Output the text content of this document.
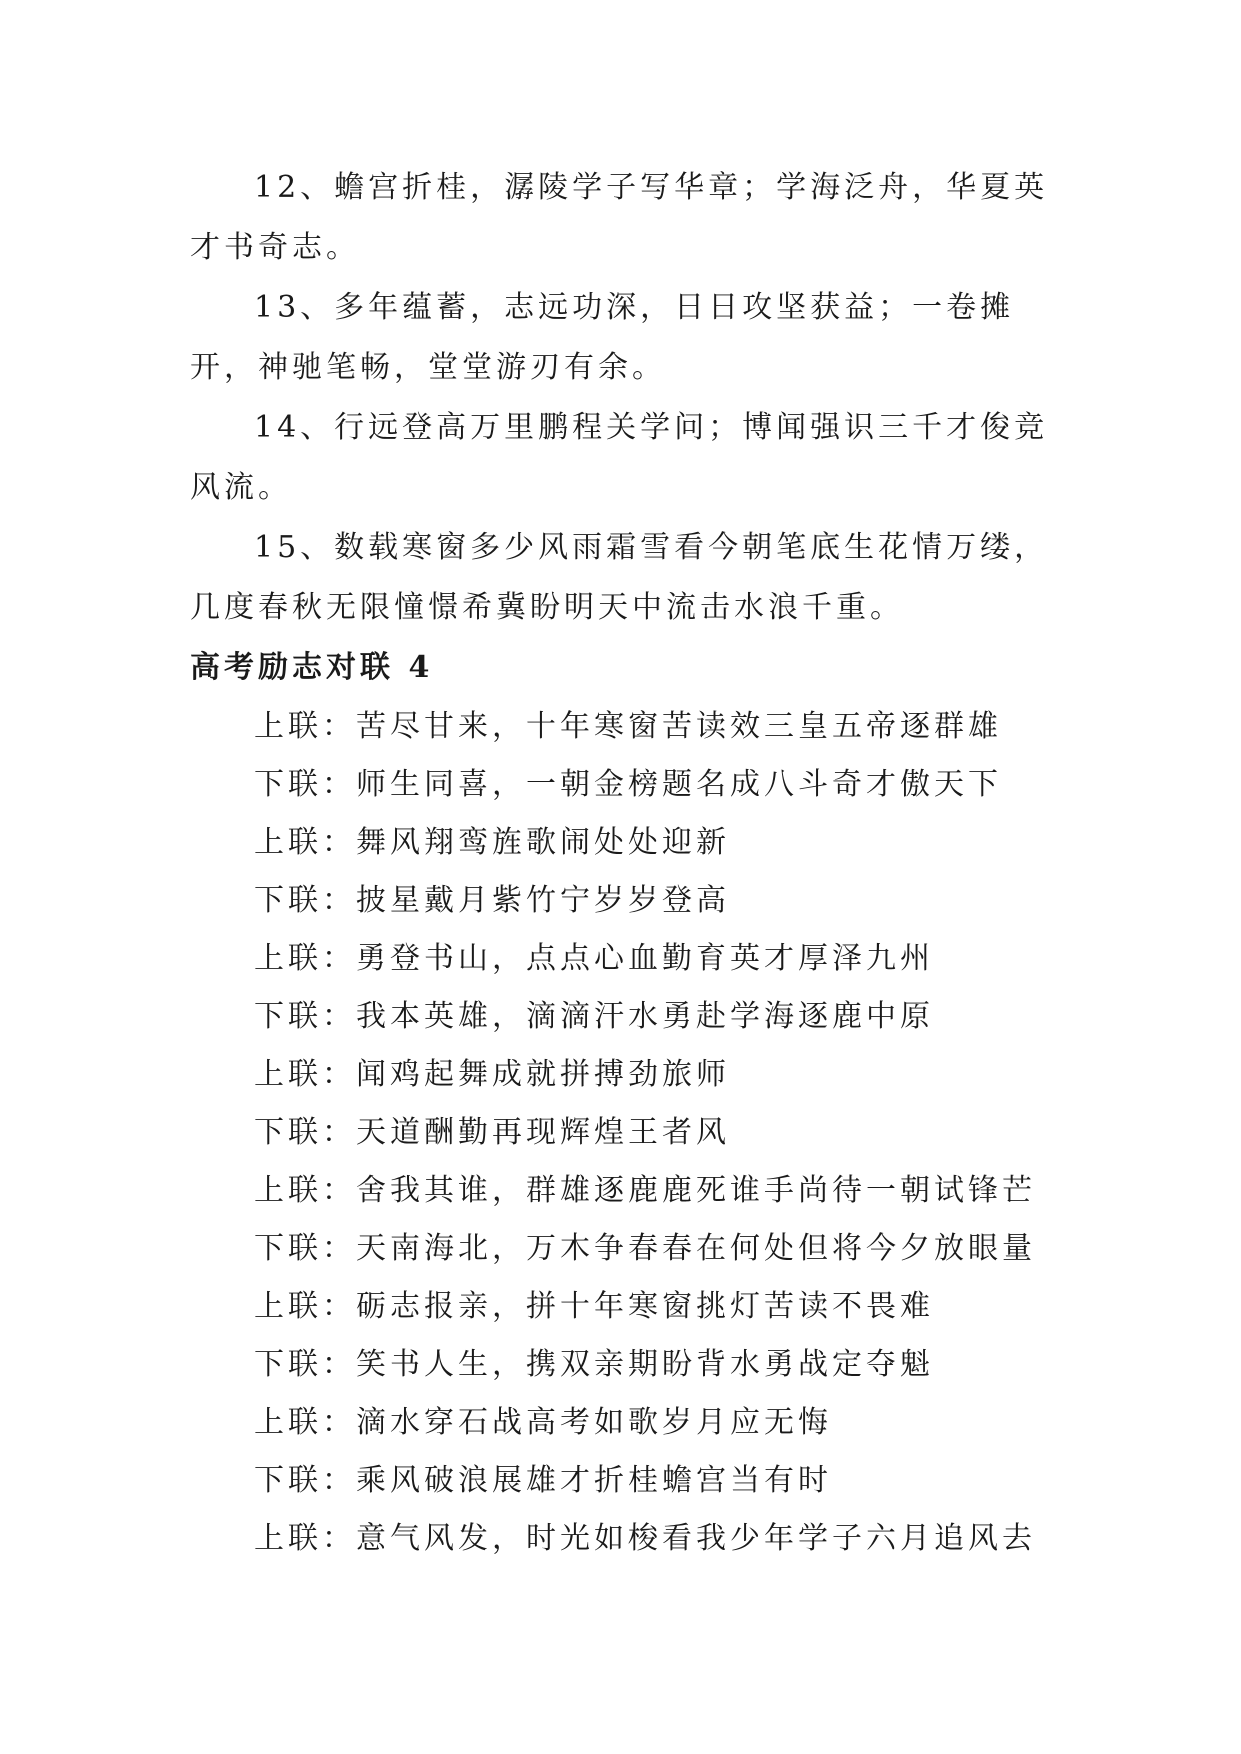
12、蟾宫折桂，潺陵学子写华章；学海泛舟，华夏英才书奇志。

13、多年蕴蓄，志远功深，日日攻坚获益；一卷摊开，神驰笔畅，堂堂游刃有余。

14、行远登高万里鹏程关学问；博闻强识三千才俊竞风流。

15、数载寒窗多少风雨霜雪看今朝笔底生花情万缕，几度春秋无限憧憬希冀盼明天中流击水浪千重。

高考励志对联 4

上联：苦尽甘来，十年寒窗苦读效三皇五帝逐群雄

下联：师生同喜，一朝金榜题名成八斗奇才傲天下

上联：舞风翔鸾旌歌闹处处迎新

下联：披星戴月紫竹宁岁岁登高

上联：勇登书山，点点心血勤育英才厚泽九州

下联：我本英雄，滴滴汗水勇赴学海逐鹿中原

上联：闻鸡起舞成就拼搏劲旅师

下联：天道酬勤再现辉煌王者风

上联：舍我其谁，群雄逐鹿鹿死谁手尚待一朝试锋芒

下联：天南海北，万木争春春在何处但将今夕放眼量

上联：砺志报亲，拼十年寒窗挑灯苦读不畏难

下联：笑书人生，携双亲期盼背水勇战定夺魁

上联：滴水穿石战高考如歌岁月应无悔

下联：乘风破浪展雄才折桂蟾宫当有时

上联：意气风发，时光如梭看我少年学子六月追风去
